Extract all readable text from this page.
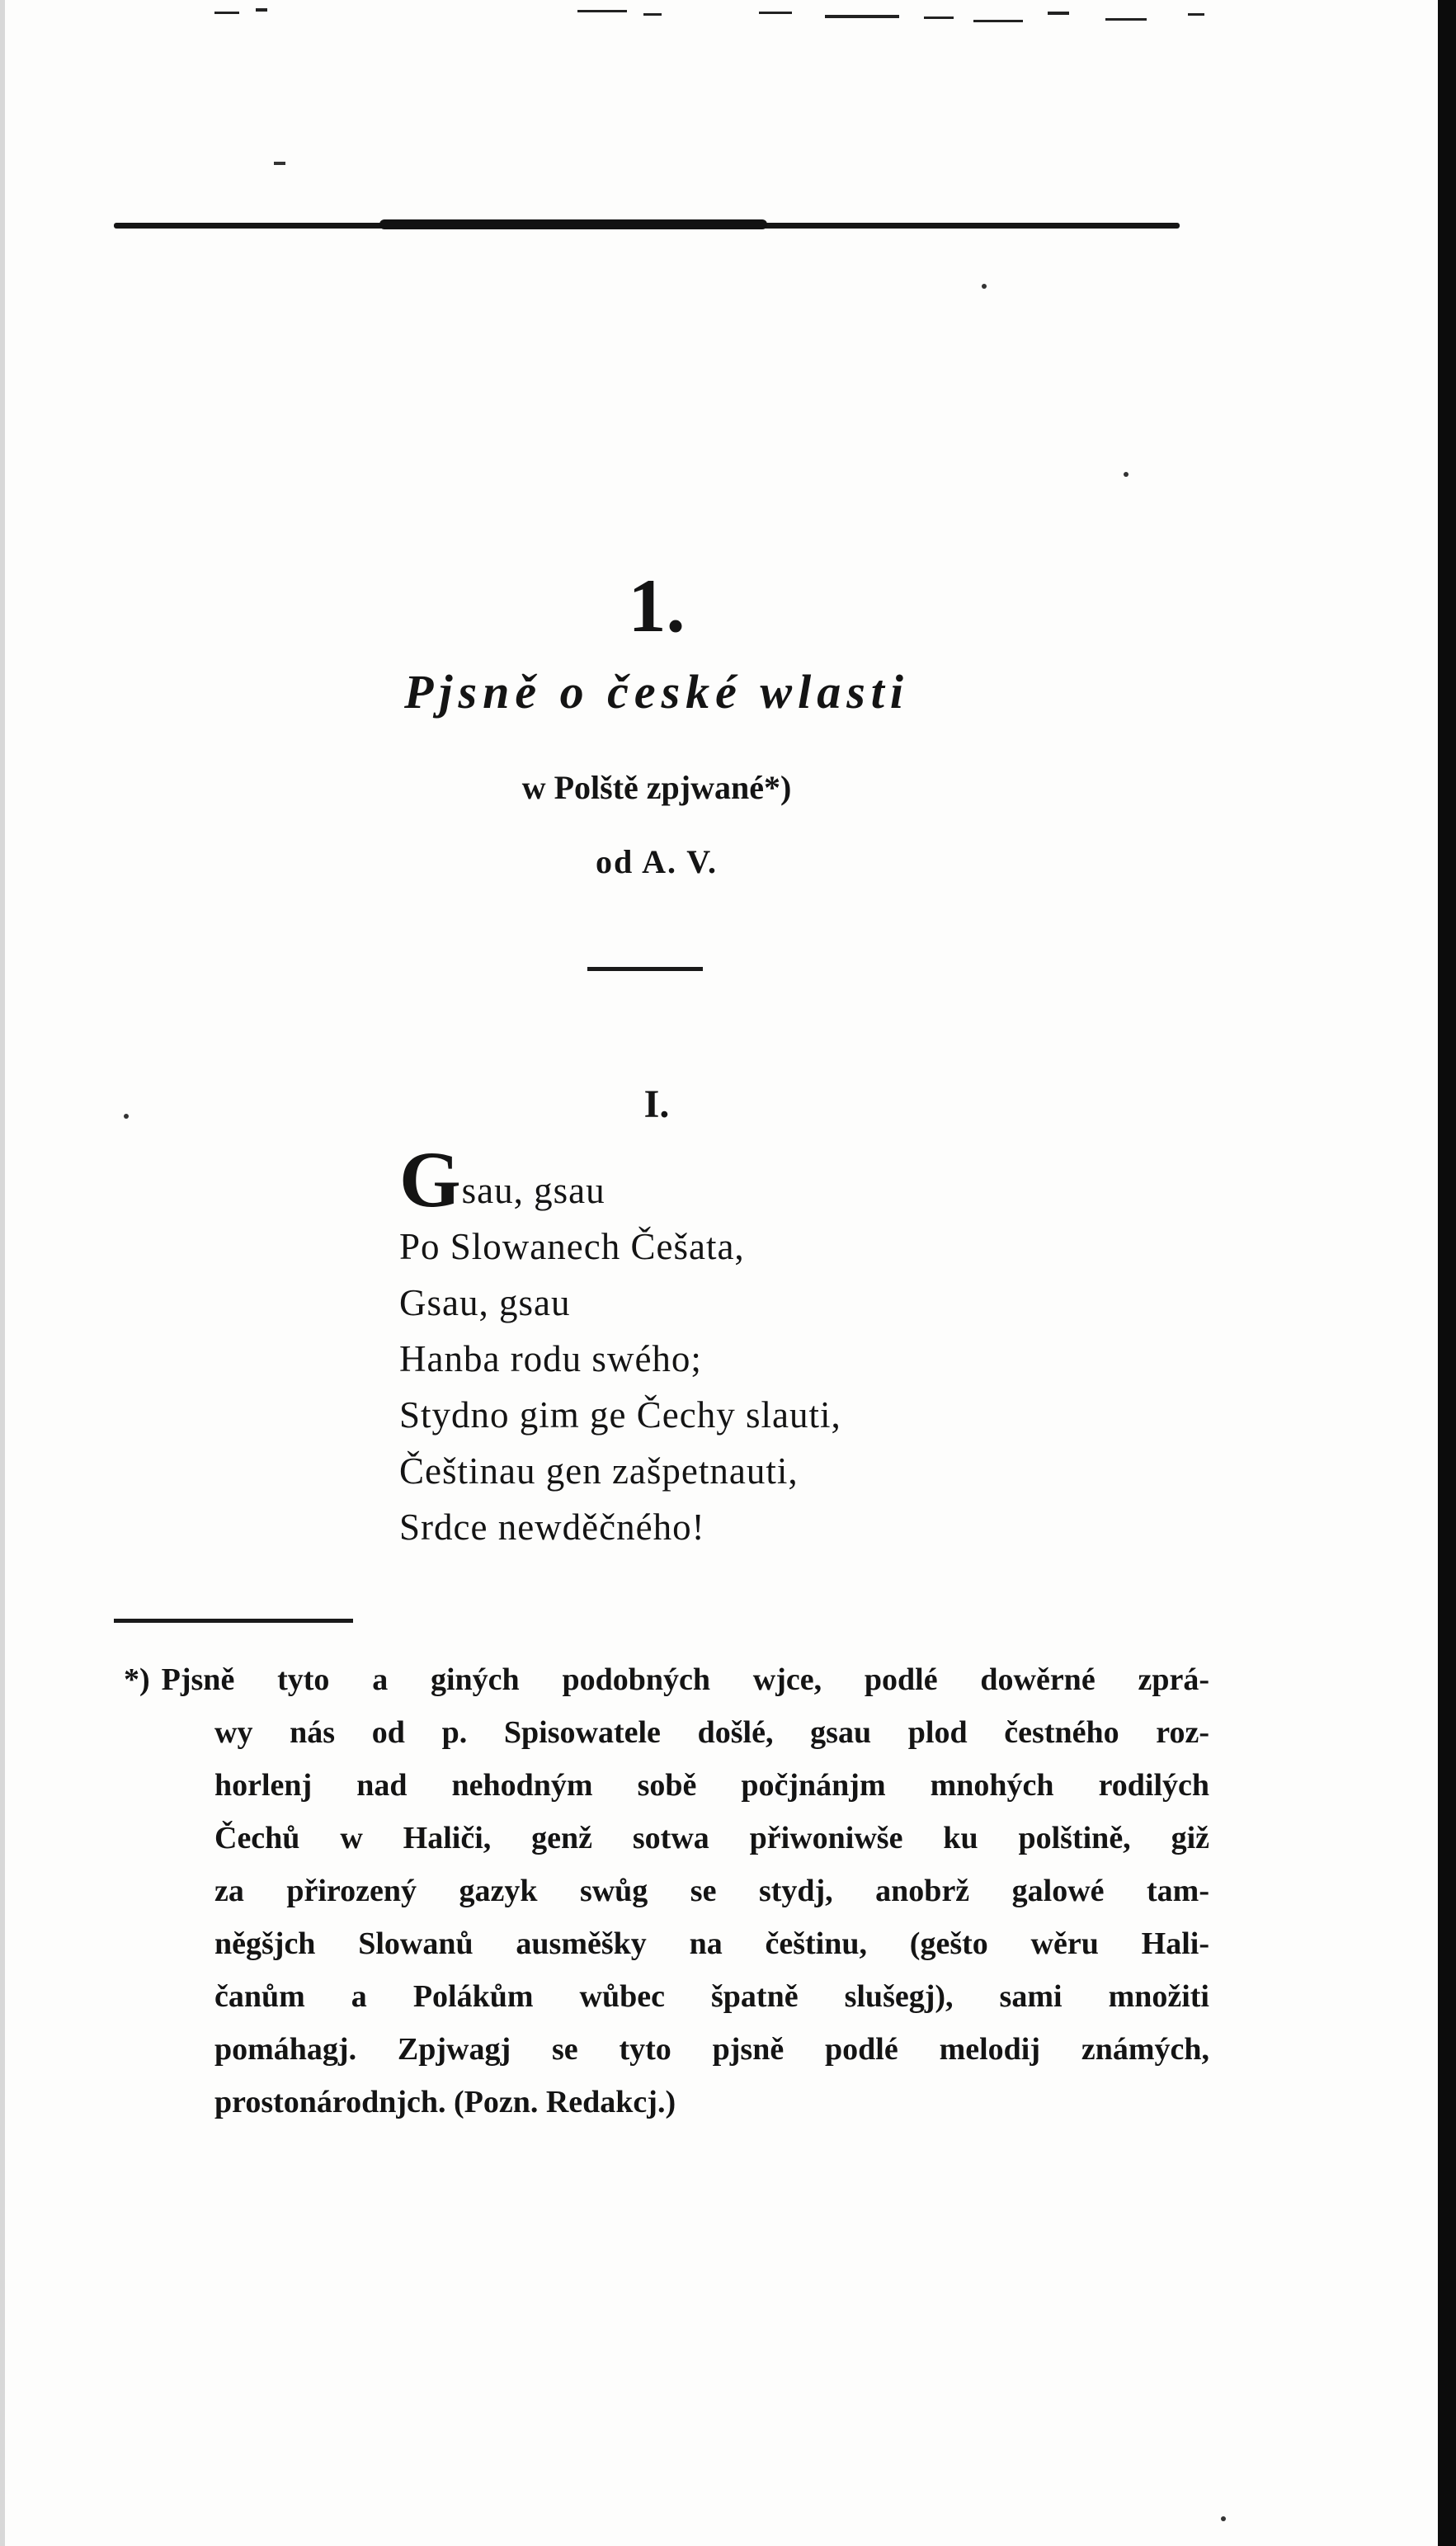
1.
Pjsně o české wlasti
w Polště zpjwané*)
od A. V.
I.
Gsau, gsau
Po Slowanech Češata,
Gsau, gsau
Hanba rodu swého;
Stydno gim ge Čechy slauti,
Češtinau gen zašpetnauti,
Srdce newděčného!
*) Pjsně tyto a giných podobných wjce, podlé dowěrné zprá-
wy nás od p. Spisowatele došlé, gsau plod čestného roz-
horlenj nad nehodným sobě počjnánjm mnohých rodilých
Čechů w Haliči, genž sotwa přiwoniwše ku polštině, giž
za přirozený gazyk swůg se stydj, anobrž galowé tam-
něgšjch Slowanů ausměšky na češtinu, (gešto wěru Hali-
čanům a Polákům wůbec špatně slušegj), sami množiti
pomáhagj. Zpjwagj se tyto pjsně podlé melodij známých,
prostonárodnjch. (Pozn. Redakcj.)
